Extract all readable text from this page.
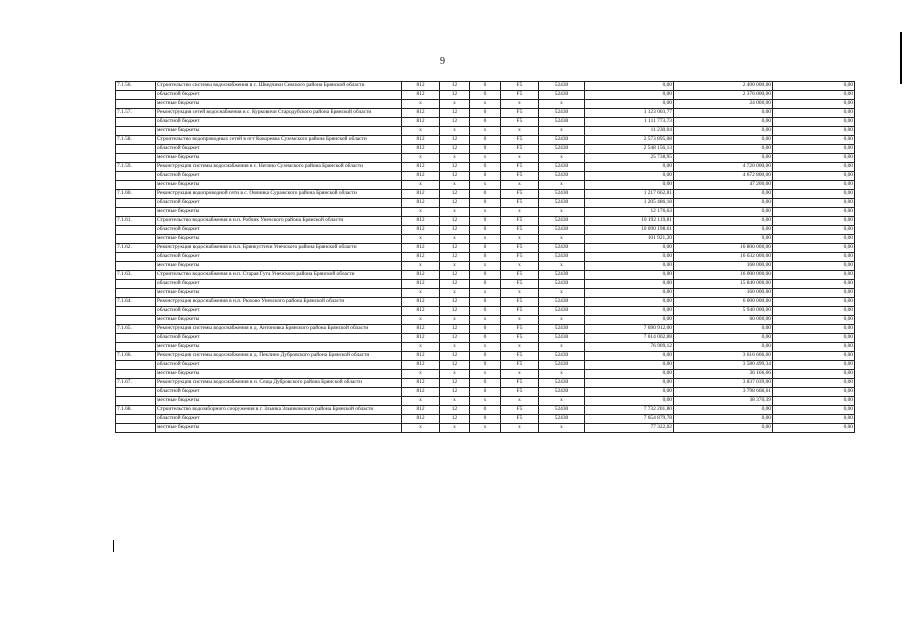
9
7.1.56.	Строительство системы водоснабжения в с. Шведчики Севского района Брянской области	812	12	0	F5	52430	0,00	2 400 000,00	0,00
	областной бюджет	812	12	0	F5	52430	0,00	2 376 000,00	0,00
	местные бюджеты	x	x	x	x	x	0,00	24 000,00	0,00
7.1.57.	Реконструкция сетей водоснабжения в с. Курковичи Стародубского района Брянской области	812	12	0	F5	52430	1 123 003,77	0,00	0,00
	областной бюджет	812	12	0	F5	52430	1 111 773,73	0,00	0,00
	местные бюджеты	x	x	x	x	x	11 230,04	0,00	0,00
7.1.58.	Строительство водопроводных сетей в пгт Кокоревка Суземского района Брянской области	812	12	0	F5	52430	2 573 895,08	0,00	0,00
	областной бюджет	812	12	0	F5	52430	2 548 156,13	0,00	0,00
	местные бюджеты	x	x	x	x	x	25 738,95	0,00	0,00
7.1.59.	Реконструкция системы водоснабжения в с. Негино Суземского района Брянской области	812	12	0	F5	52430	0,00	4 720 000,00	0,00
	областной бюджет	812	12	0	F5	52430	0,00	4 672 800,00	0,00
	местные бюджеты	x	x	x	x	x	0,00	47 200,00	0,00
7.1.60.	Реконструкция водопроводной сети в с. Овчинка Суражского района Брянской области	812	12	0	F5	52430	1 217 662,81	0,00	0,00
	областной бюджет	812	12	0	F5	52430	1 205 486,18	0,00	0,00
	местные бюджеты	x	x	x	x	x	12 176,63	0,00	0,00
7.1.61.	Строительство водоснабжения в н.п. Робчик Унечского района Брянской области	812	12	0	F5	52430	10 192 119,81	0,00	0,00
	областной бюджет	812	12	0	F5	52430	10 090 198,61	0,00	0,00
	местные бюджеты	x	x	x	x	x	101 921,20	0,00	0,00
7.1.62.	Реконструкция водоснабжения в н.п. Брянкустичи Унечского района Брянской области	812	12	0	F5	52430	0,00	16 800 000,00	0,00
	областной бюджет	812	12	0	F5	52430	0,00	16 632 000,00	0,00
	местные бюджеты	x	x	x	x	x	0,00	168 000,00	0,00
7.1.63.	Строительство водоснабжения в н.п. Старая Гута Унечского района Брянской области	812	12	0	F5	52430	0,00	16 000 000,00	0,00
	областной бюджет	812	12	0	F5	52430	0,00	15 840 000,00	0,00
	местные бюджеты	x	x	x	x	x	0,00	160 000,00	0,00
7.1.64.	Реконструкция водоснабжения в н.п. Рюхово Унечского района Брянской области	812	12	0	F5	52430	0,00	6 000 000,00	0,00
	областной бюджет	812	12	0	F5	52430	0,00	5 940 000,00	0,00
	местные бюджеты	x	x	x	x	x	0,00	60 000,00	0,00
7.1.65.	Реконструкция системы водоснабжения в д. Антоновка Брянского района Брянской области	812	12	0	F5	52430	7 690 912,00	0,00	0,00
	областной бюджет	812	12	0	F5	52430	7 614 002,88	0,00	0,00
	местные бюджеты	x	x	x	x	x	76 909,12	0,00	0,00
7.1.66.	Реконструкция системы водоснабжения в д. Пеклино Дубровского района Брянской области	812	12	0	F5	52430	0,00	3 616 666,00	0,00
	областной бюджет	812	12	0	F5	52430	0,00	3 580 499,34	0,00
	местные бюджеты	x	x	x	x	x	0,00	36 166,66	0,00
7.1.67.	Реконструкция системы водоснабжения в п. Сеща Дубровского района Брянской области	812	12	0	F5	52430	0,00	3 837 039,00	0,00
	областной бюджет	812	12	0	F5	52430	0,00	3 798 668,61	0,00
	местные бюджеты	x	x	x	x	x	0,00	38 370,39	0,00
7.1.68.	Строительство водозаборного сооружения в г. Злынка Злынковского района Брянской области	812	12	0	F5	52430	7 732 201,80	0,00	0,00
	областной бюджет	812	12	0	F5	52430	7 654 879,78	0,00	0,00
	местные бюджеты	x	x	x	x	x	77 322,02	0,00	0,00
